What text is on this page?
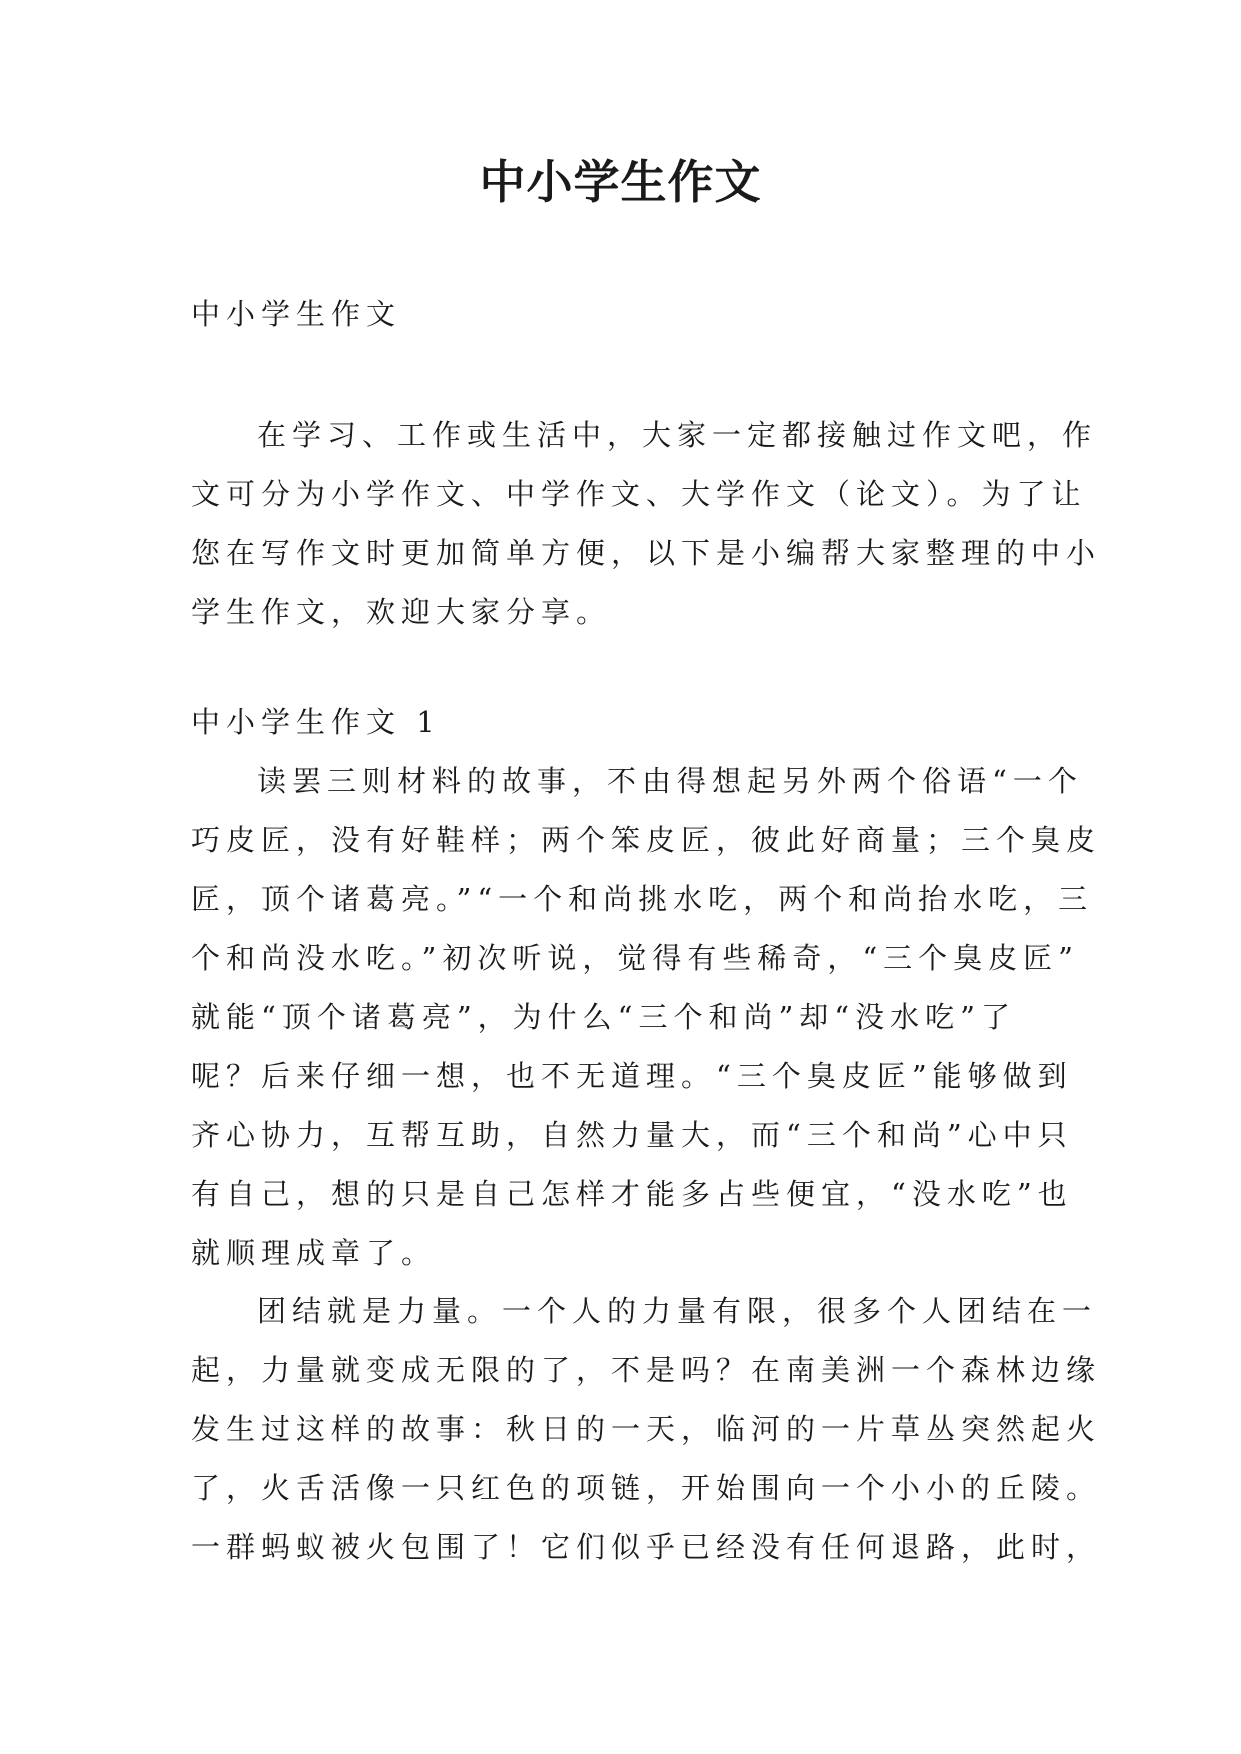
中小学生作文

中小学生作文

在学习、工作或生活中，大家一定都接触过作文吧，作
文可分为小学作文、中学作文、大学作文（论文）。为了让
您在写作文时更加简单方便，以下是小编帮大家整理的中小
学生作文，欢迎大家分享。

中小学生作文 1

读罢三则材料的故事，不由得想起另外两个俗语“一个
巧皮匠，没有好鞋样；两个笨皮匠，彼此好商量；三个臭皮
匠，顶个诸葛亮。”“一个和尚挑水吃，两个和尚抬水吃，三
个和尚没水吃。”初次听说，觉得有些稀奇，“三个臭皮匠”
就能“顶个诸葛亮”，为什么“三个和尚”却“没水吃”了
呢？后来仔细一想，也不无道理。“三个臭皮匠”能够做到
齐心协力，互帮互助，自然力量大，而“三个和尚”心中只
有自己，想的只是自己怎样才能多占些便宜，“没水吃”也
就顺理成章了。
团结就是力量。一个人的力量有限，很多个人团结在一
起，力量就变成无限的了，不是吗？在南美洲一个森林边缘
发生过这样的故事：秋日的一天，临河的一片草丛突然起火
了，火舌活像一只红色的项链，开始围向一个小小的丘陵。
一群蚂蚁被火包围了！它们似乎已经没有任何退路，此时，
